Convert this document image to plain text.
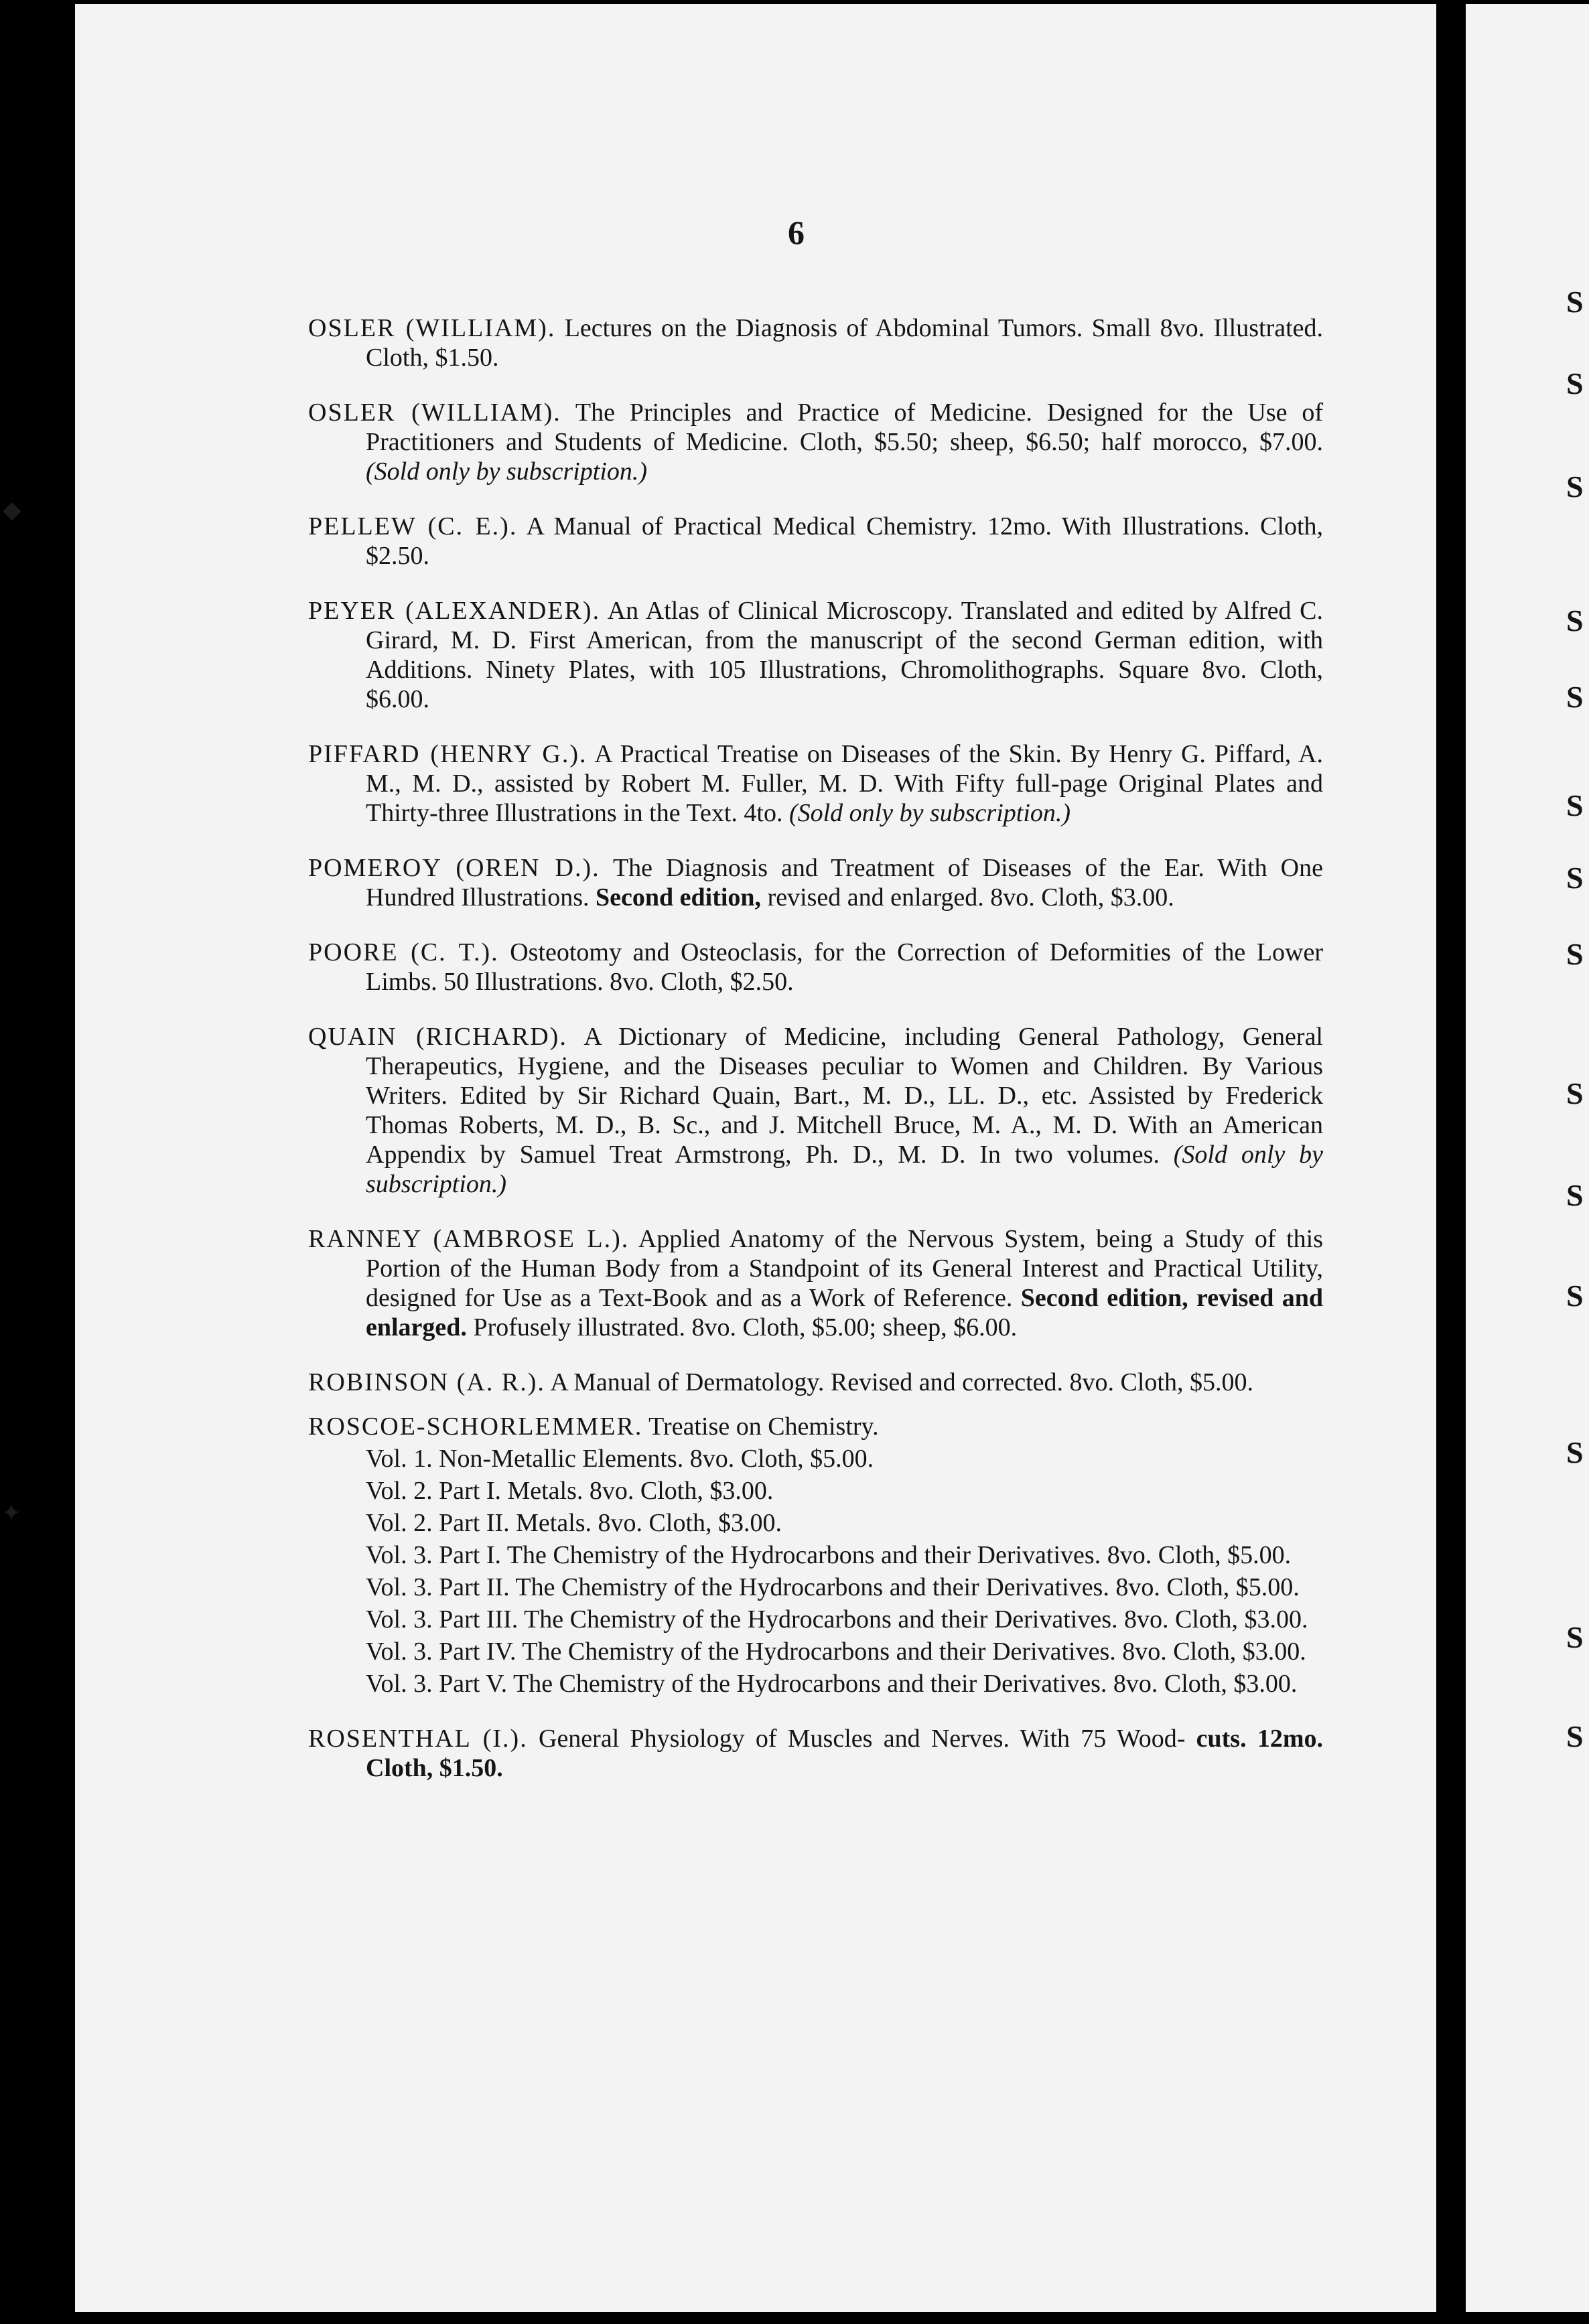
S
S
S
S
S
S
S
S
S
S
S
S
S
S
◆
✦
6

OSLER (WILLIAM). Lectures on the Diagnosis of Abdominal Tumors. Small 8vo. Illustrated. Cloth, $1.50.

OSLER (WILLIAM). The Principles and Practice of Medicine. Designed for the Use of Practitioners and Students of Medicine. Cloth, $5.50; sheep, $6.50; half morocco, $7.00. (Sold only by subscription.)

PELLEW (C. E.). A Manual of Practical Medical Chemistry. 12mo. With Illustrations. Cloth, $2.50.

PEYER (ALEXANDER). An Atlas of Clinical Microscopy. Translated and edited by Alfred C. Girard, M. D. First American, from the manuscript of the second German edition, with Additions. Ninety Plates, with 105 Illustrations, Chromolithographs. Square 8vo. Cloth, $6.00.

PIFFARD (HENRY G.). A Practical Treatise on Diseases of the Skin. By Henry G. Piffard, A. M., M. D., assisted by Robert M. Fuller, M. D. With Fifty full-page Original Plates and Thirty-three Illustrations in the Text. 4to. (Sold only by subscription.)

POMEROY (OREN D.). The Diagnosis and Treatment of Diseases of the Ear. With One Hundred Illustrations. Second edition, revised and enlarged. 8vo. Cloth, $3.00.

POORE (C. T.). Osteotomy and Osteoclasis, for the Correction of Deformities of the Lower Limbs. 50 Illustrations. 8vo. Cloth, $2.50.

QUAIN (RICHARD). A Dictionary of Medicine, including General Pathology, General Therapeutics, Hygiene, and the Diseases peculiar to Women and Children. By Various Writers. Edited by Sir Richard Quain, Bart., M. D., LL. D., etc. Assisted by Frederick Thomas Roberts, M. D., B. Sc., and J. Mitchell Bruce, M. A., M. D. With an American Appendix by Samuel Treat Armstrong, Ph. D., M. D. In two volumes. (Sold only by subscription.)

RANNEY (AMBROSE L.). Applied Anatomy of the Nervous System, being a Study of this Portion of the Human Body from a Standpoint of its General Interest and Practical Utility, designed for Use as a Text-Book and as a Work of Reference. Second edition, revised and enlarged. Profusely illustrated. 8vo. Cloth, $5.00; sheep, $6.00.

ROBINSON (A. R.). A Manual of Dermatology. Revised and corrected. 8vo. Cloth, $5.00.

ROSCOE-SCHORLEMMER. Treatise on Chemistry.

Vol. 1. Non-Metallic Elements. 8vo. Cloth, $5.00.

Vol. 2. Part I. Metals. 8vo. Cloth, $3.00.

Vol. 2. Part II. Metals. 8vo. Cloth, $3.00.

Vol. 3. Part I. The Chemistry of the Hydrocarbons and their Derivatives. 8vo. Cloth, $5.00.

Vol. 3. Part II. The Chemistry of the Hydrocarbons and their Derivatives. 8vo. Cloth, $5.00.

Vol. 3. Part III. The Chemistry of the Hydrocarbons and their Derivatives. 8vo. Cloth, $3.00.

Vol. 3. Part IV. The Chemistry of the Hydrocarbons and their Derivatives. 8vo. Cloth, $3.00.

Vol. 3. Part V. The Chemistry of the Hydrocarbons and their Derivatives. 8vo. Cloth, $3.00.

ROSENTHAL (I.). General Physiology of Muscles and Nerves. With 75 Wood- cuts. 12mo. Cloth, $1.50.
